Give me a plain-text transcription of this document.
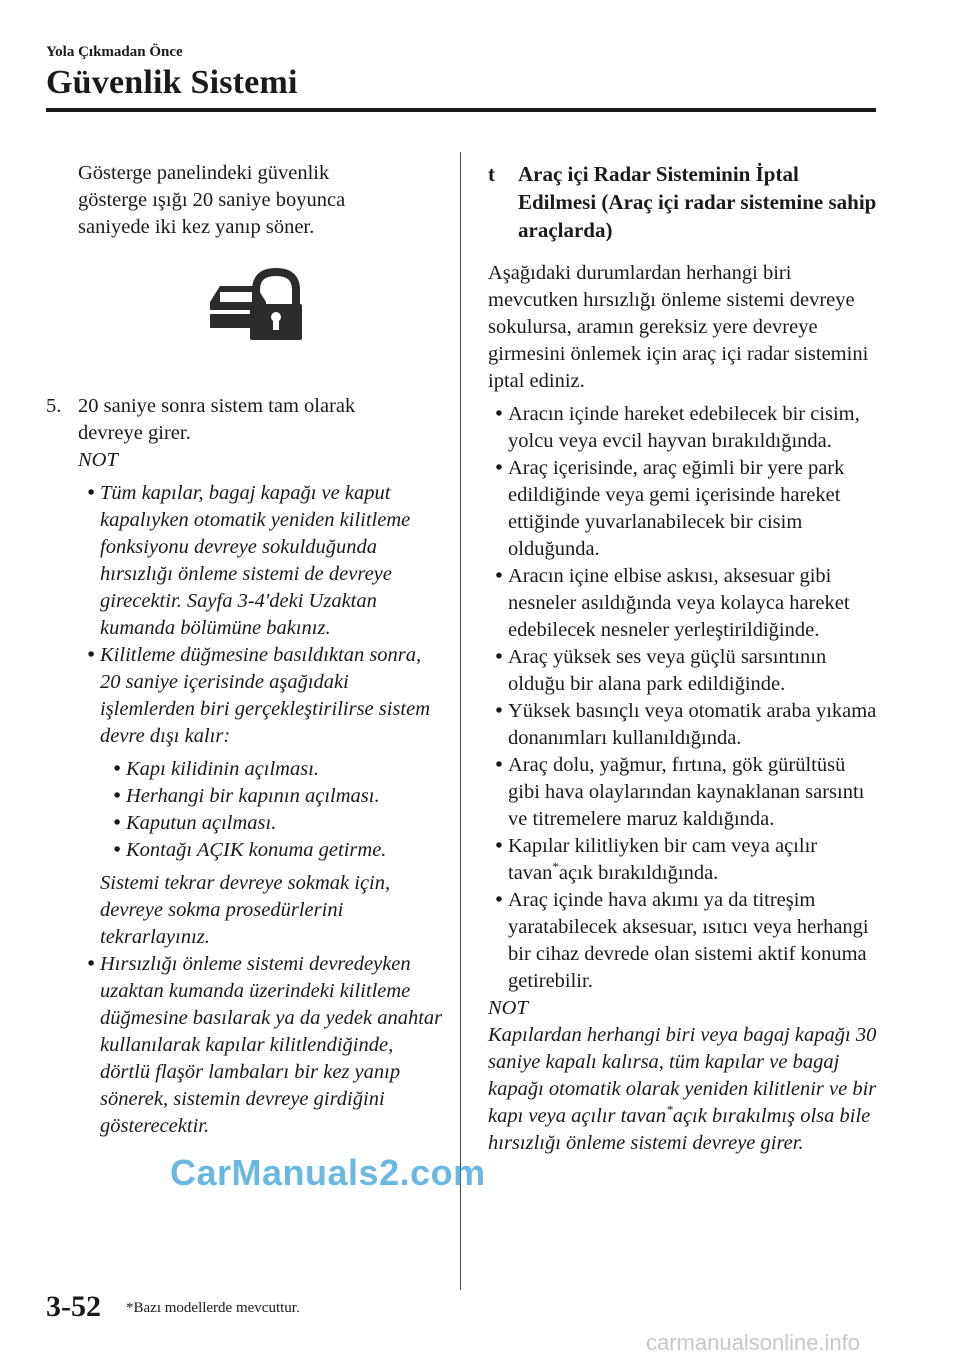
Yola Çıkmadan Önce
Güvenlik Sistemi

Gösterge panelindeki güvenlik gösterge ışığı 20 saniye boyunca saniyede iki kez yanıp söner.

5. 20 saniye sonra sistem tam olarak devreye girer.

NOT

• Tüm kapılar, bagaj kapağı ve kaput kapalıyken otomatik yeniden kilitleme fonksiyonu devreye sokulduğunda hırsızlığı önleme sistemi de devreye girecektir. Sayfa 3-4'deki Uzaktan kumanda bölümüne bakınız.
• Kilitleme düğmesine basıldıktan sonra, 20 saniye içerisinde aşağıdaki işlemlerden biri gerçekleştirilirse sistem devre dışı kalır:
• Kapı kilidinin açılması.
• Herhangi bir kapının açılması.
• Kaputun açılması.
• Kontağı AÇIK konuma getirme.

Sistemi tekrar devreye sokmak için, devreye sokma prosedürlerini tekrarlayınız.

• Hırsızlığı önleme sistemi devredeyken uzaktan kumanda üzerindeki kilitleme düğmesine basılarak ya da yedek anahtar kullanılarak kapılar kilitlendiğinde, dörtlü flaşör lambaları bir kez yanıp sönerek, sistemin devreye girdiğini gösterecektir.
t	Araç içi Radar Sisteminin İptal Edilmesi (Araç içi radar sistemine sahip araçlarda)

Aşağıdaki durumlardan herhangi biri mevcutken hırsızlığı önleme sistemi devreye sokulursa, aramın gereksiz yere devreye girmesini önlemek için araç içi radar sistemini iptal ediniz.

• Aracın içinde hareket edebilecek bir cisim, yolcu veya evcil hayvan bırakıldığında.
• Araç içerisinde, araç eğimli bir yere park edildiğinde veya gemi içerisinde hareket ettiğinde yuvarlanabilecek bir cisim olduğunda.
• Aracın içine elbise askısı, aksesuar gibi nesneler asıldığında veya kolayca hareket edebilecek nesneler yerleştirildiğinde.
• Araç yüksek ses veya güçlü sarsıntının olduğu bir alana park edildiğinde.
• Yüksek basınçlı veya otomatik araba yıkama donanımları kullanıldığında.
• Araç dolu, yağmur, fırtına, gök gürültüsü gibi hava olaylarından kaynaklanan sarsıntı ve titremelere maruz kaldığında.
• Kapılar kilitliyken bir cam veya açılır tavan*açık bırakıldığında.
• Araç içinde hava akımı ya da titreşim yaratabilecek aksesuar, ısıtıcı veya herhangi bir cihaz devrede olan sistemi aktif konuma getirebilir.

NOT

Kapılardan herhangi biri veya bagaj kapağı 30 saniye kapalı kalırsa, tüm kapılar ve bagaj kapağı otomatik olarak yeniden kilitlenir ve bir kapı veya açılır tavan*açık bırakılmış olsa bile hırsızlığı önleme sistemi devreye girer.

CarManuals2.com
3-52 *Bazı modellerde mevcuttur.
carmanualsonline.info
